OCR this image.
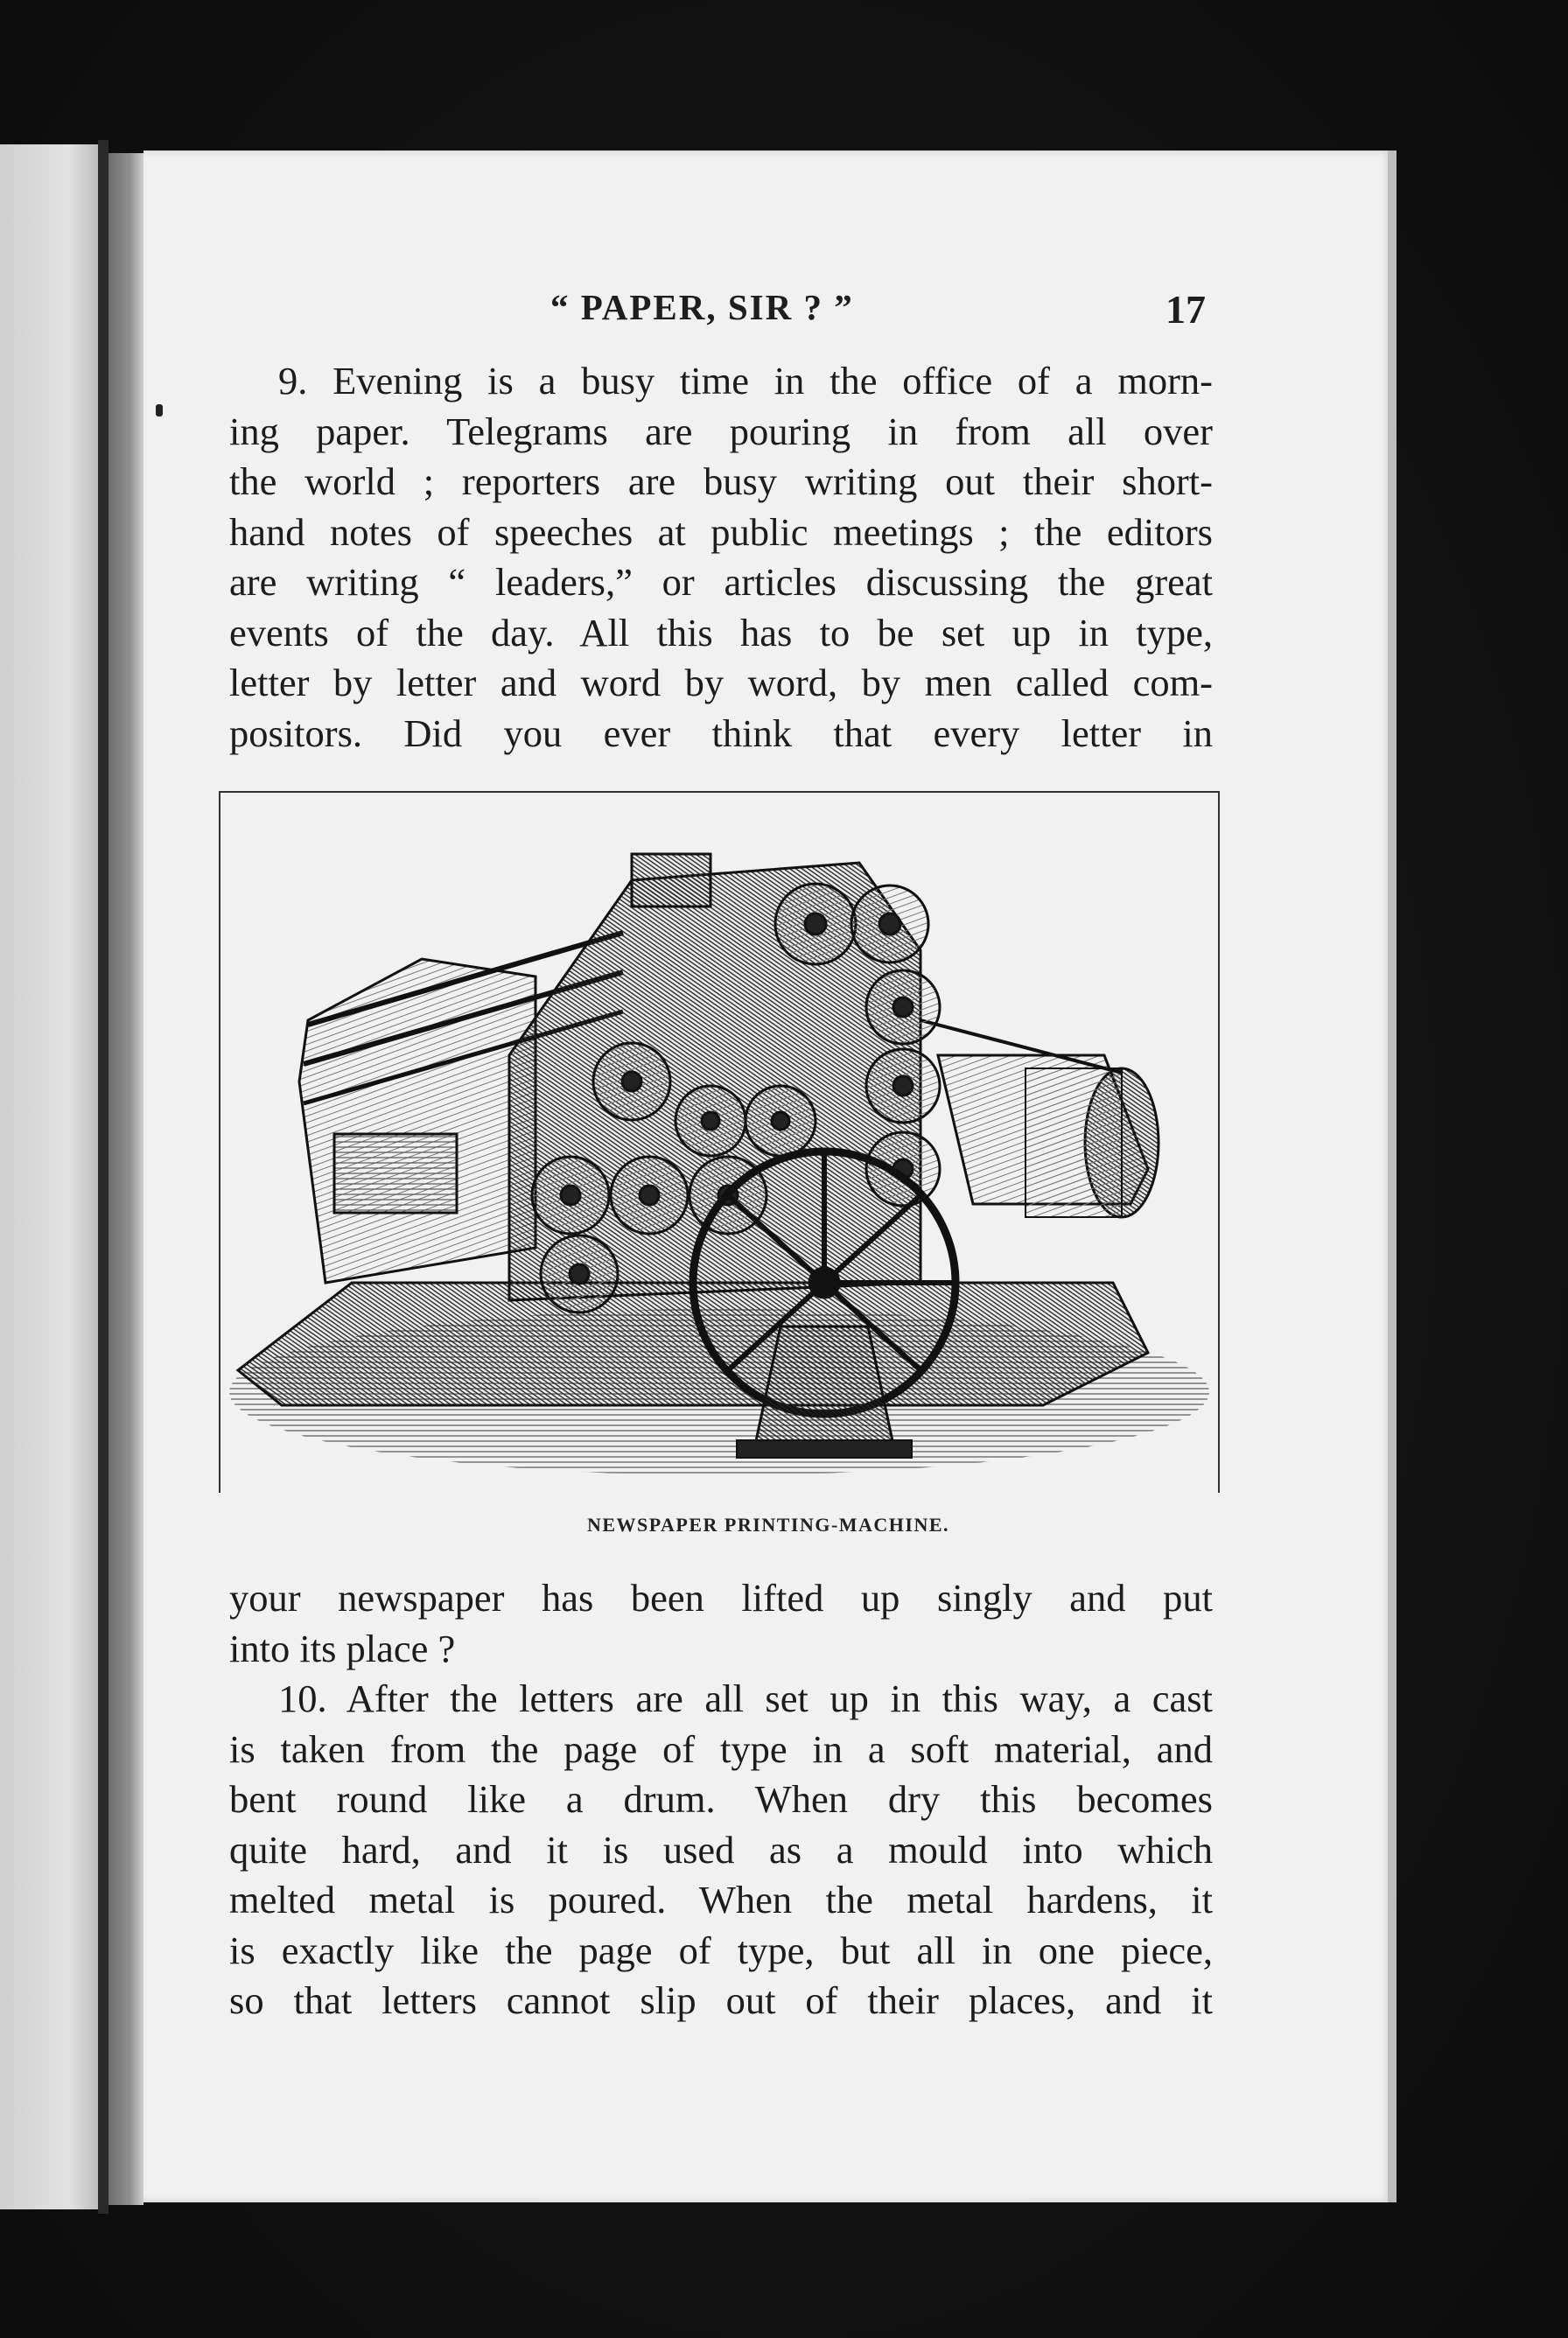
“ PAPER, SIR ? ”	17
9. Evening is a busy time in the office of a morn-
ing paper. Telegrams are pouring in from all over
the world ; reporters are busy writing out their short-
hand notes of speeches at public meetings ; the editors
are writing “ leaders,” or articles discussing the great
events of the day. All this has to be set up in type,
letter by letter and word by word, by men called com-
positors. Did you ever think that every letter in
NEWSPAPER PRINTING-MACHINE.
your newspaper has been lifted up singly and put
into its place ?
10. After the letters are all set up in this way, a cast
is taken from the page of type in a soft material, and
bent round like a drum. When dry this becomes
quite hard, and it is used as a mould into which
melted metal is poured. When the metal hardens, it
is exactly like the page of type, but all in one piece,
so that letters cannot slip out of their places, and it
